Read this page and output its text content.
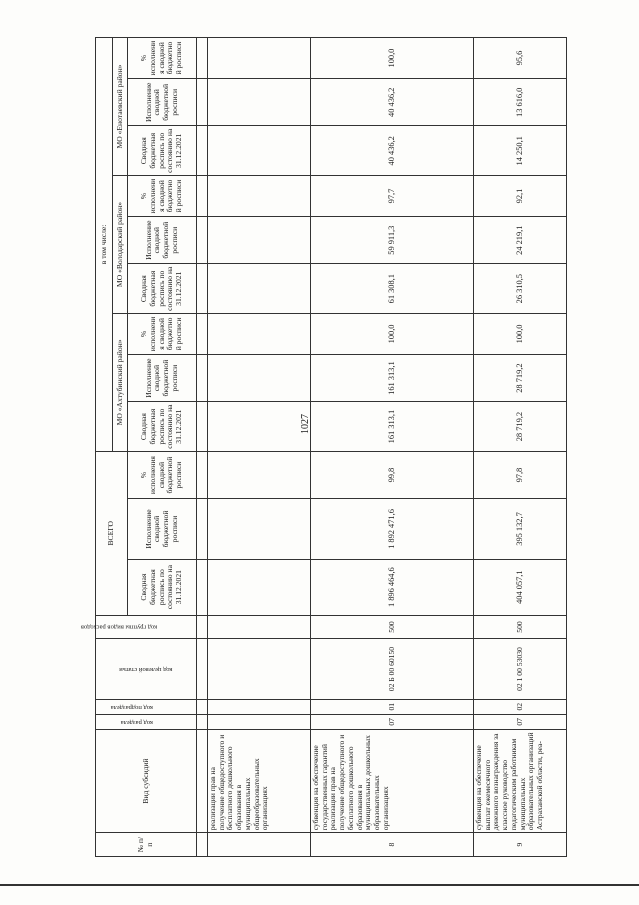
1027
№ п/п	Вид субсидий	код раздела	код подраздела	код целевой статьи	код группы видов расходов	ВСЕГО			в том числе:								
									МО «Ахтубинский район»			МО «Володарский район»			МО «Енотаевский район»		
						Сводная бюджетная роспись по состоянию на 31.12.2021	Исполнение сводной бюджетной росписи	% исполнения сводной бюджетной росписи	Сводная бюджетная роспись по состоянию на 31.12.2021	Исполнение сводной бюджетной росписи	% исполнения сводной бюджетной росписи	Сводная бюджетная роспись по состоянию на 31.12.2021	Исполнение сводной бюджетной росписи	% исполнения сводной бюджетной росписи	Сводная бюджетная роспись по состоянию на 31.12.2021	Исполнение сводной бюджетной росписи	% исполнения сводной бюджетной росписи

	реализации прав на получение общедоступного и бесплатного дошкольного образования в муниципальных общеобразовательных организациях																
8	субвенция на обеспечение государственных гарантий реализации прав на получение общедоступного и бесплатного дошкольного образования в муниципальных дошкольных образовательных организациях	07	01	02 Б 00 60150	500	1 896 464,6	1 892 471,6	99,8	161 313,1	161 313,1	100,0	61 308,1	59 911,3	97,7	40 436,2	40 436,2	100,0
9	субвенция на обеспечение выплат ежемесячного денежного вознаграждения за классное руководство педагогическим работникам муниципальных образовательных организаций Астраханской области, реа-	07	02	02 1 00 53030	500	404 057,1	395 132,7	97,8	28 719,2	28 719,2	100,0	26 310,5	24 219,1	92,1	14 250,1	13 616,0	95,6
